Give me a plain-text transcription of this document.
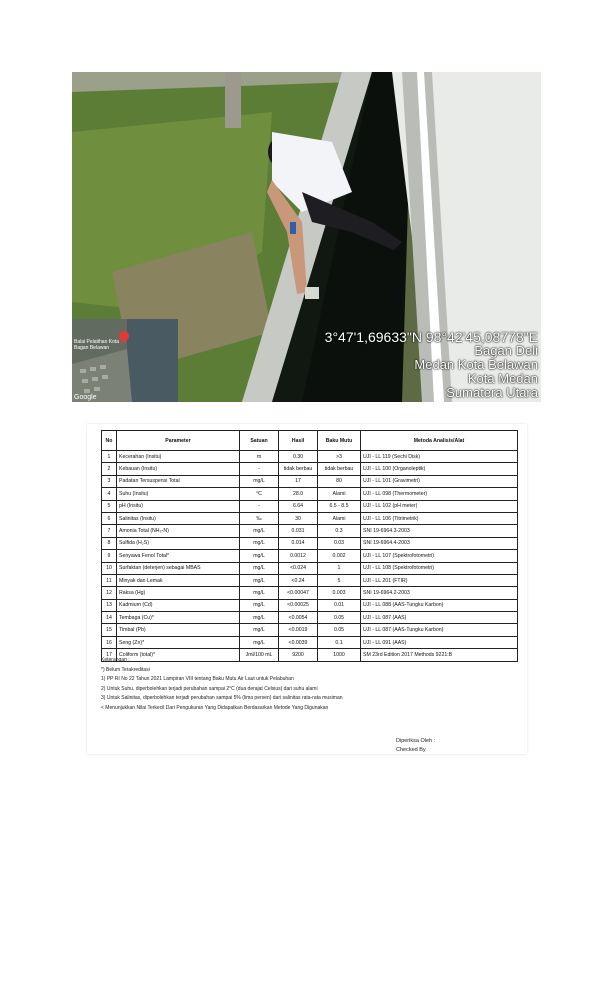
Balai Pelatihan Kota Bagan Belawan
Google
3°47'1,69633"N 98°42'45,08778"E
Bagan Deli
Medan Kota Belawan
Kota Medan
Sumatera Utara
No	Parameter	Satuan	Hasil	Baku Mutu	Metoda Analisis/Alat
1	Kecerahan (Insitu)	m	0.30	>3	UJI - LL 119 (Sechi Disk)
2	Kebauan (Insitu)	-	tidak berbau	tidak berbau	UJI - LL 100 (Organoleptik)
3	Padatan Tersuspensi Total	mg/L	17	80	UJI - LL 101 (Gravimetri)
4	Suhu (Insitu)	°C	28.0	Alami	UJI - LL 098 (Thermometer)
5	pH (Insitu)	-	6.64	6.5 - 8.5	UJI - LL 102 (pH meter)
6	Salinitas (Insitu)	‰	30	Alami	UJI - LL 106 (Titrimetrik)
7	Amonia Total (NH₃-N)	mg/L	0.031	0.3	SNI 19-6964.3-2003
8	Sulfida (H₂S)	mg/L	0.014	0.03	SNI 19-6964.4-2003
9	Senyawa Fenol Total*	mg/L	0.0012	0.002	UJI - LL 107 (Spektrofotometri)
10	Surfaktan (deterjen) sebagai MBAS	mg/L	<0.024	1	UJI - LL 108 (Spektrofotometri)
11	Minyak dan Lemak	mg/L	<0.24	5	UJI - LL 201 (FTIR)
12	Raksa (Hg)	mg/L	<0.00047	0.003	SNI 19-6964.2-2003
13	Kadmium (Cd)	mg/L	<0.00025	0.01	UJI - LL 088 (AAS-Tungku Karbon)
14	Tembaga (Cu)*	mg/L	<0.0054	0.05	UJI - LL 087 (AAS)
15	Timbal (Pb)	mg/L	<0.0019	0.05	UJI - LL 087 (AAS-Tungku Karbon)
16	Seng (Zn)*	mg/L	<0.0039	0.1	UJI - LL 091 (AAS)
17	Coliform (total)*	Jml/100 mL	9200	1000	SM 23rd Edition 2017 Methods 9221:B
Keterangan :
*) Belum Terakreditasi
1) PP RI No 22 Tahun 2021 Lampiran VIII tentang Baku Mutu Air Laut untuk Pelabuhan
2) Untuk Suhu, diperbolehkan terjadi perubahan sampai 2°C (dua derajat Celsius) dari suhu alami
3) Untuk Salinitas, diperbolehkan terjadi perubahan sampai 5% (lima persen) dari salinitas rata-rata musiman
< Menunjukkan Nilai Terkecil Dari Pengukuran Yang Didapatkan Berdasarkan Metode Yang Digunakan
Diperiksa Oleh :
Checked By
